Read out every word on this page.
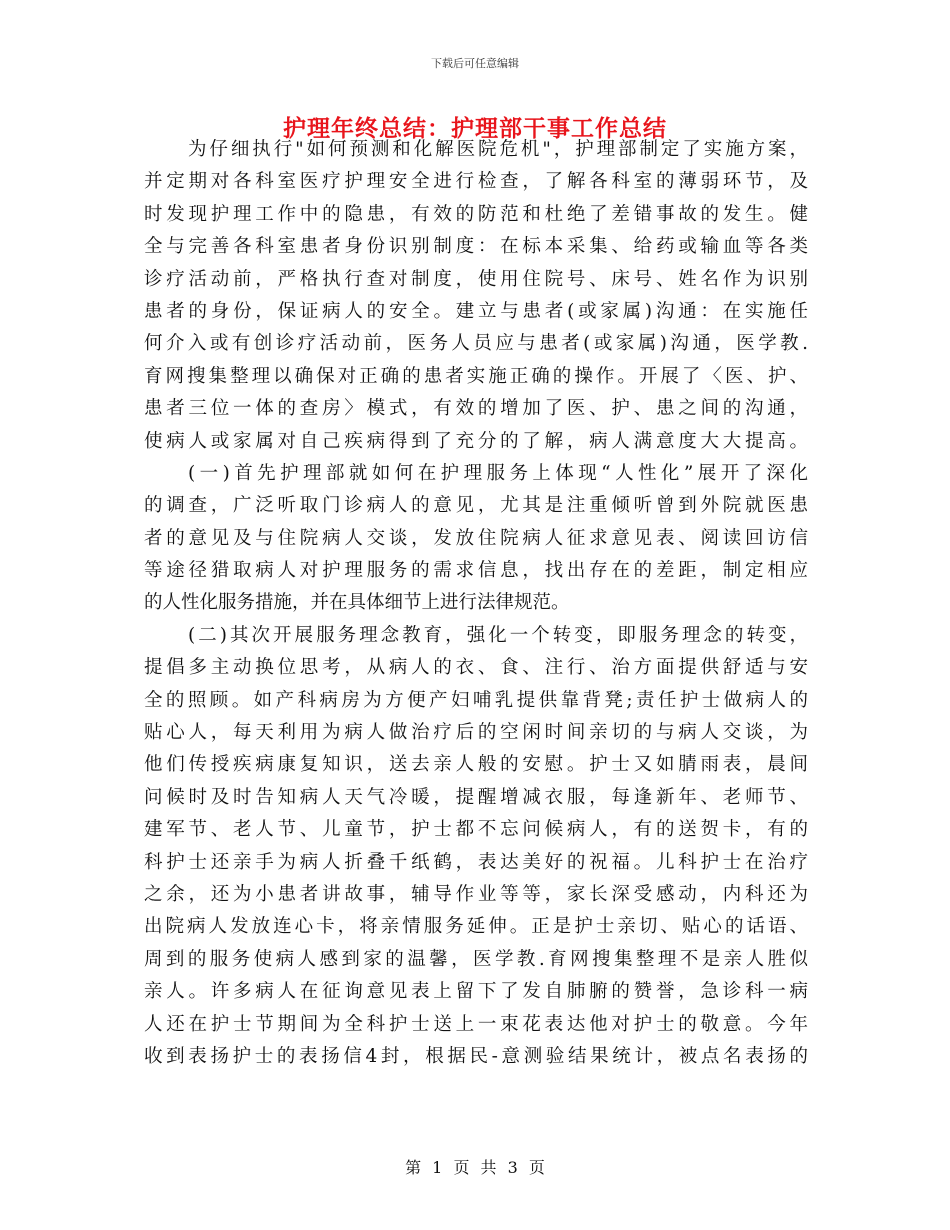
下载后可任意编辑
护理年终总结：护理部干事工作总结
为仔细执行"如何预测和化解医院危机"，护理部制定了实施方案，
并定期对各科室医疗护理安全进行检查，了解各科室的薄弱环节，及
时发现护理工作中的隐患，有效的防范和杜绝了差错事故的发生。健
全与完善各科室患者身份识别制度：在标本采集、给药或输血等各类
诊疗活动前，严格执行查对制度，使用住院号、床号、姓名作为识别
患者的身份，保证病人的安全。建立与患者(或家属)沟通：在实施任
何介入或有创诊疗活动前，医务人员应与患者(或家属)沟通，医学教.
育网搜集整理以确保对正确的患者实施正确的操作。开展了〈医、护、
患者三位一体的查房〉模式，有效的增加了医、护、患之间的沟通，
使病人或家属对自己疾病得到了充分的了解，病人满意度大大提高。
(一)首先护理部就如何在护理服务上体现“人性化”展开了深化
的调查，广泛听取门诊病人的意见，尤其是注重倾听曾到外院就医患
者的意见及与住院病人交谈，发放住院病人征求意见表、阅读回访信
等途径猎取病人对护理服务的需求信息，找出存在的差距，制定相应
的人性化服务措施，并在具体细节上进行法律规范。
(二)其次开展服务理念教育，强化一个转变，即服务理念的转变，
提倡多主动换位思考，从病人的衣、食、注行、治方面提供舒适与安
全的照顾。如产科病房为方便产妇哺乳提供靠背凳;责任护士做病人的
贴心人，每天利用为病人做治疗后的空闲时间亲切的与病人交谈，为
他们传授疾病康复知识，送去亲人般的安慰。护士又如腈雨表，晨间
问候时及时告知病人天气冷暖，提醒增减衣服，每逢新年、老师节、
建军节、老人节、儿童节，护士都不忘问候病人，有的送贺卡，有的
科护士还亲手为病人折叠千纸鹤，表达美好的祝福。儿科护士在治疗
之余，还为小患者讲故事，辅导作业等等，家长深受感动，内科还为
出院病人发放连心卡，将亲情服务延伸。正是护士亲切、贴心的话语、
周到的服务使病人感到家的温馨，医学教.育网搜集整理不是亲人胜似
亲人。许多病人在征询意见表上留下了发自肺腑的赞誉，急诊科一病
人还在护士节期间为全科护士送上一束花表达他对护士的敬意。今年
收到表扬护士的表扬信4封，根据民-意测验结果统计，被点名表扬的
第 1 页 共 3 页
